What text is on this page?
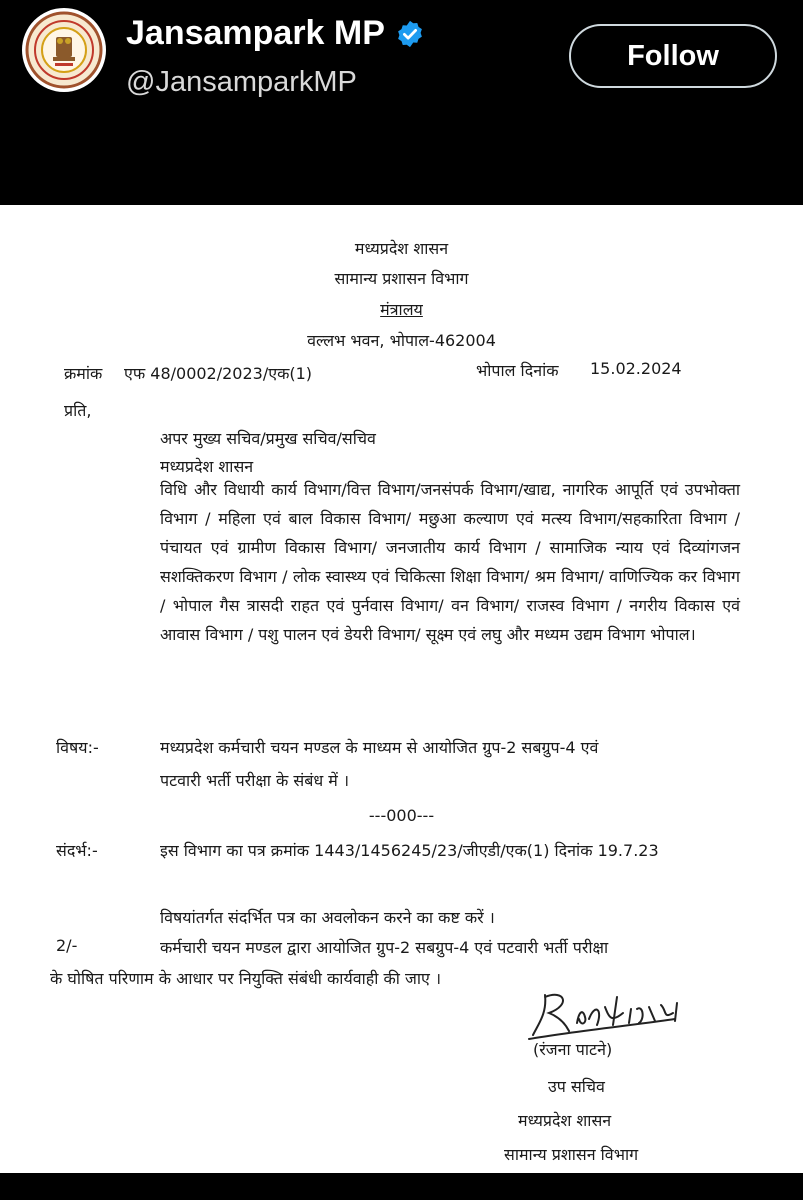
Jansampark MP
@JansamparkMP
Follow
मध्यप्रदेश शासन
सामान्य प्रशासन विभाग
मंत्रालय
वल्लभ भवन, भोपाल-462004
क्रमांक एफ 48/0002/2023/एक(1)	भोपाल दिनांक 15.02.2024
प्रति,
अपर मुख्य सचिव/प्रमुख सचिव/सचिव
मध्यप्रदेश शासन
विधि और विधायी कार्य विभाग/वित्त विभाग/जनसंपर्क विभाग/खाद्य, नागरिक आपूर्ति एवं उपभोक्ता विभाग / महिला एवं बाल विकास विभाग/ मछुआ कल्याण एवं मत्स्य विभाग/सहकारिता विभाग / पंचायत एवं ग्रामीण विकास विभाग/ जनजातीय कार्य विभाग / सामाजिक न्याय एवं दिव्यांगजन सशक्तिकरण विभाग / लोक स्वास्थ्य एवं चिकित्सा शिक्षा विभाग/ श्रम विभाग/ वाणिज्यिक कर विभाग / भोपाल गैस त्रासदी राहत एवं पुर्नवास विभाग/ वन विभाग/ राजस्व विभाग / नगरीय विकास एवं आवास विभाग / पशु पालन एवं डेयरी विभाग/ सूक्ष्म एवं लघु और मध्यम उद्यम विभाग भोपाल।
विषय:-	मध्यप्रदेश कर्मचारी चयन मण्डल के माध्यम से आयोजित ग्रुप-2 सबग्रुप-4 एवं
पटवारी भर्ती परीक्षा के संबंध में ।
---000---
संदर्भ:-	इस विभाग का पत्र क्रमांक 1443/1456245/23/जीएडी/एक(1) दिनांक 19.7.23
विषयांतर्गत संदर्भित पत्र का अवलोकन करने का कष्ट करें ।
2/-	कर्मचारी चयन मण्डल द्वारा आयोजित ग्रुप-2 सबग्रुप-4 एवं पटवारी भर्ती परीक्षा
के घोषित परिणाम के आधार पर नियुक्ति संबंधी कार्यवाही की जाए ।
(रंजना पाटने)
उप सचिव
मध्यप्रदेश शासन
सामान्य प्रशासन विभाग
